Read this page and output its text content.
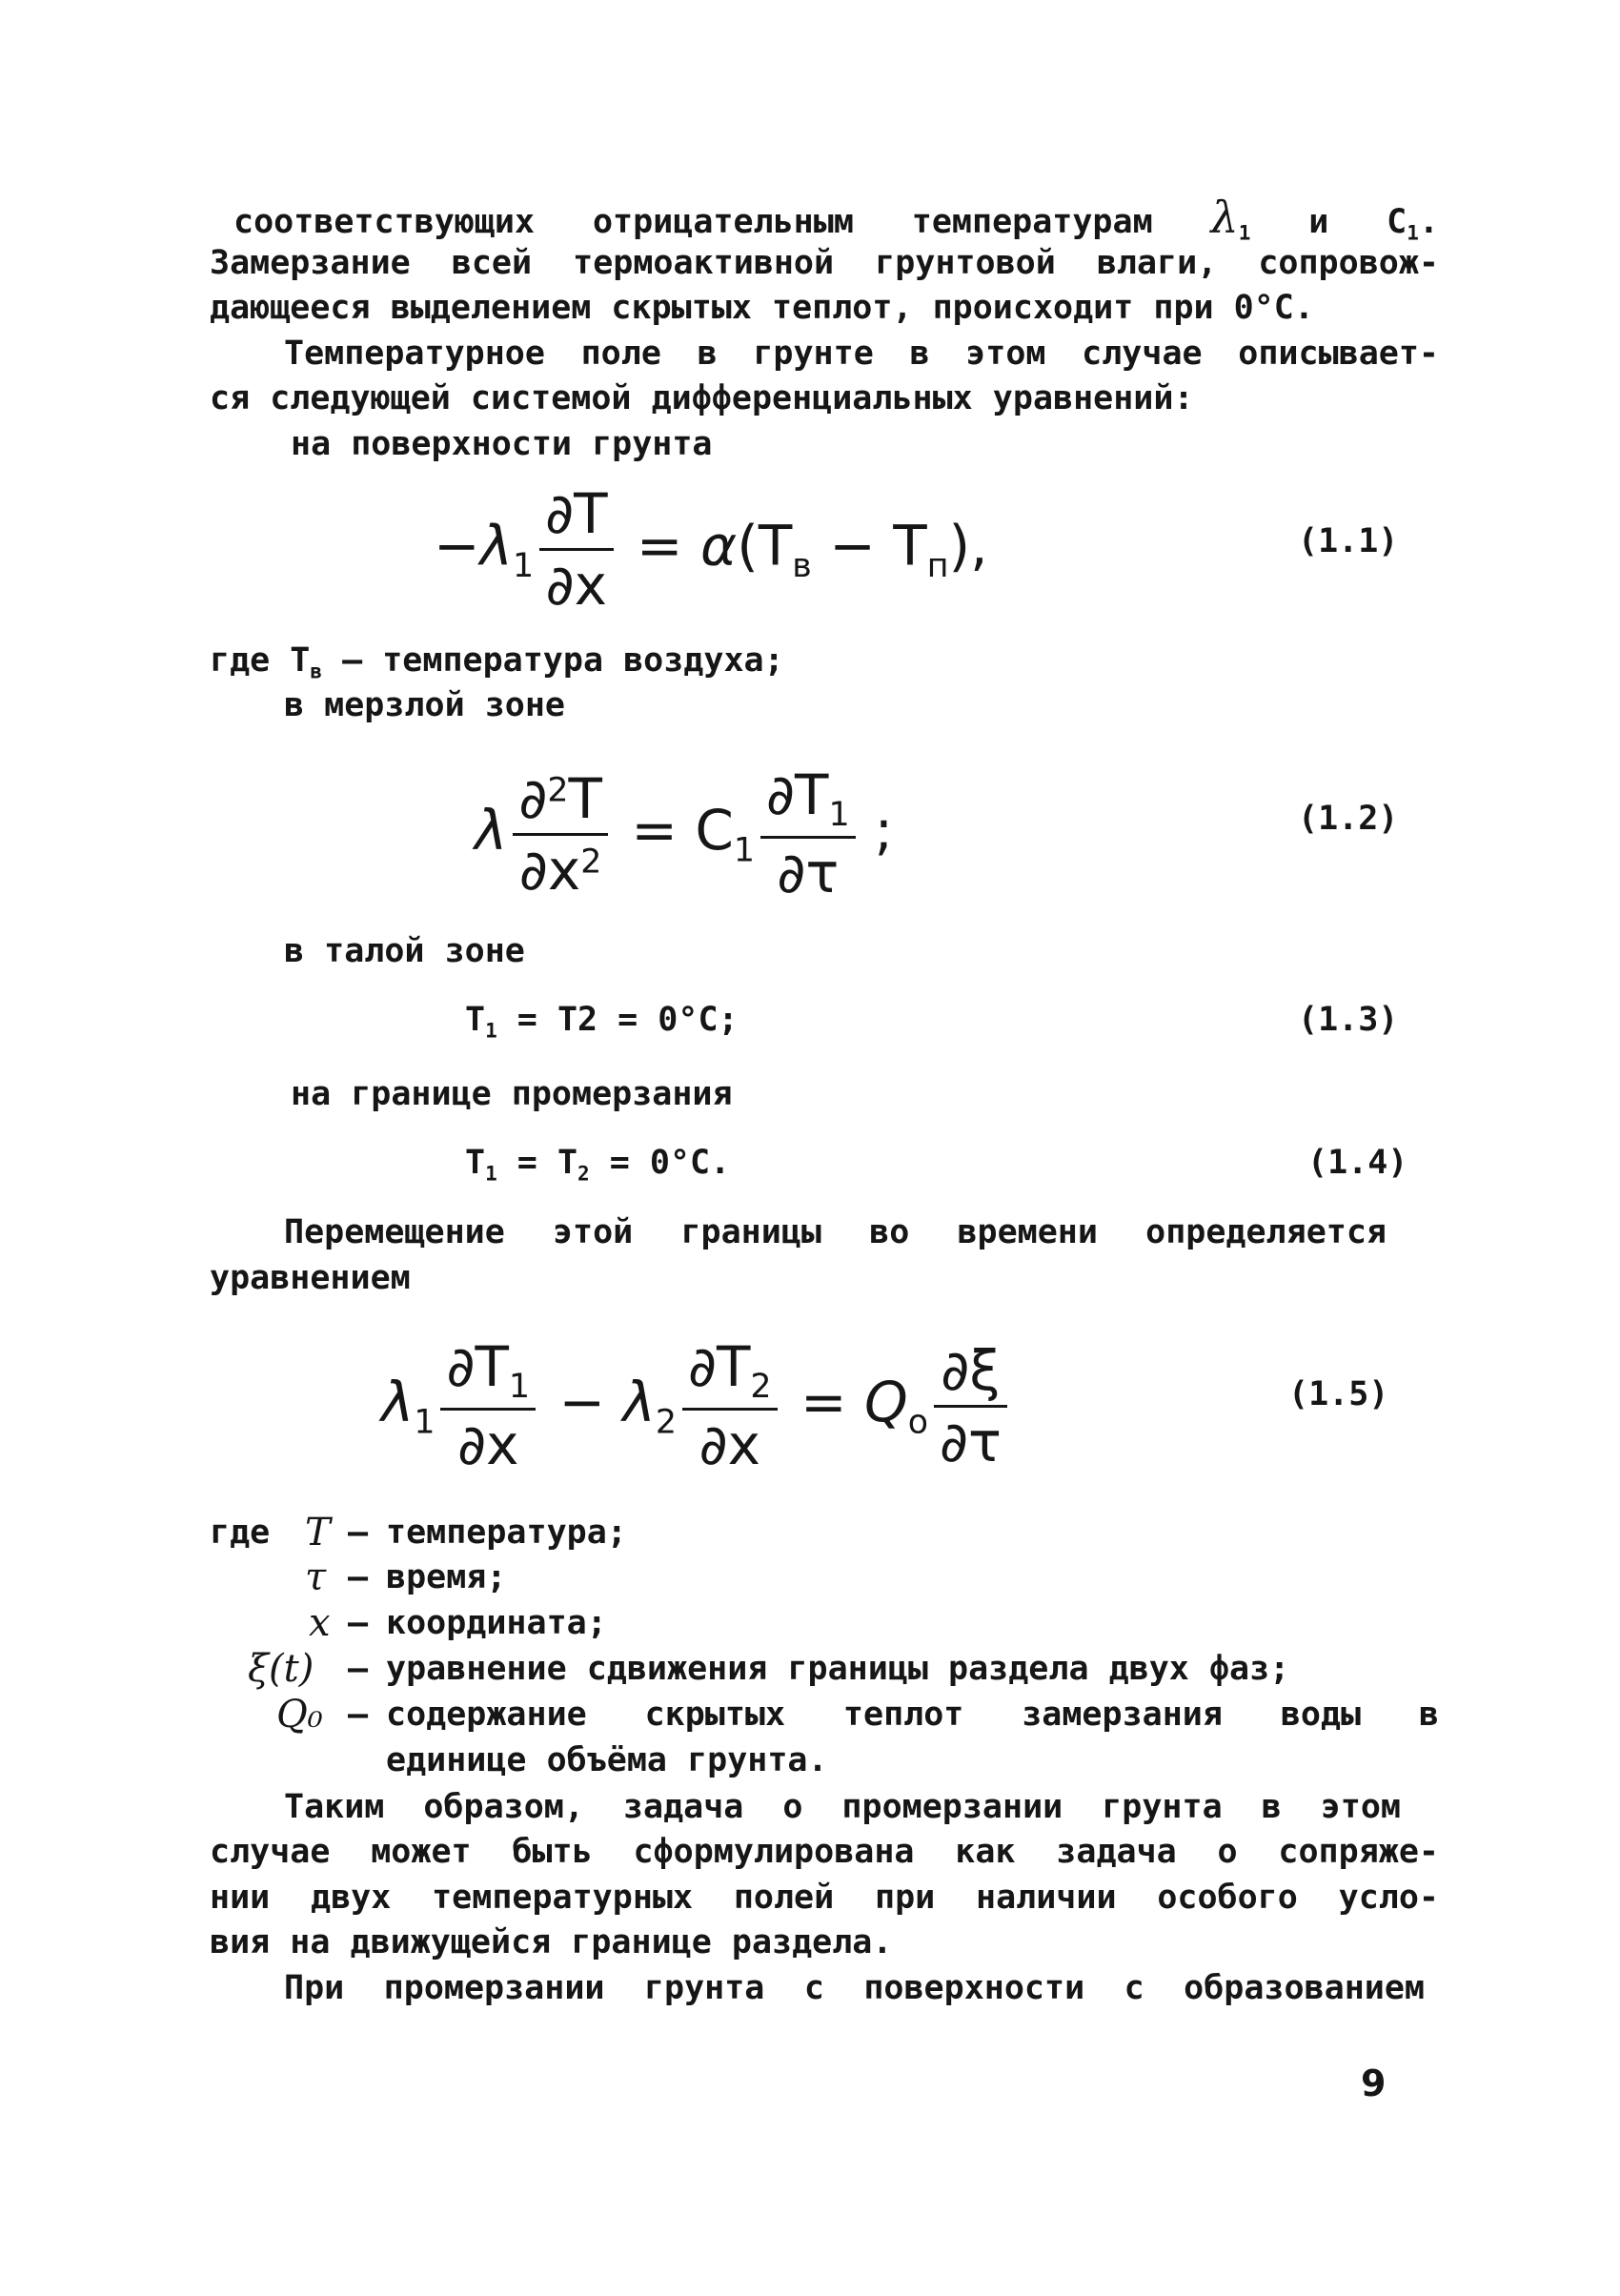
соответствующих отрицательным температурам $\lambda_1$ и $С_1$.
Замерзание всей термоактивной грунтовой влаги, сопровож-
дающееся выделением скрытых теплот, происходит при 0°С.
Температурное поле в грунте в этом случае описывает-
ся следующей системой дифференциальных уравнений:
на поверхности грунта
$-\lambda_1 \frac{\partial T}{\partial x} = \alpha(T_в - T_п)$,	(1.1)
где $T_в$ – температура воздуха;
в мерзлой зоне
λ $\frac{\partial^2T}{\partial x^2} = C_1 \frac{\partial T_1}{\partial\tau}$ ;	(1.2)
в талой зоне
$T_1 = T2 = 0^\circ C$;	(1.3)
на границе промерзания
$T_1 = T_2 = 0^\circ C$.	(1.4)
Перемещение этой границы во времени определяется
уравнением
$\lambda_1 \frac{\partial T_1}{\partial x} - \lambda_2 \frac{\partial T_2}{\partial x} = Q_o \frac{\partial\xi}{\partial\tau}$	(1.5)
где T – температура;
τ – время;
x – координата;
ξ(t) – уравнение сдвижения границы раздела двух фаз;
Q₀ – содержание скрытых теплот замерзания воды в
единице объёма грунта.
Таким образом, задача о промерзании грунта в этом
случае может быть сформулирована как задача о сопряже-
нии двух температурных полей при наличии особого усло-
вия на движущейся границе раздела.
При промерзании грунта с поверхности с образованием
9
